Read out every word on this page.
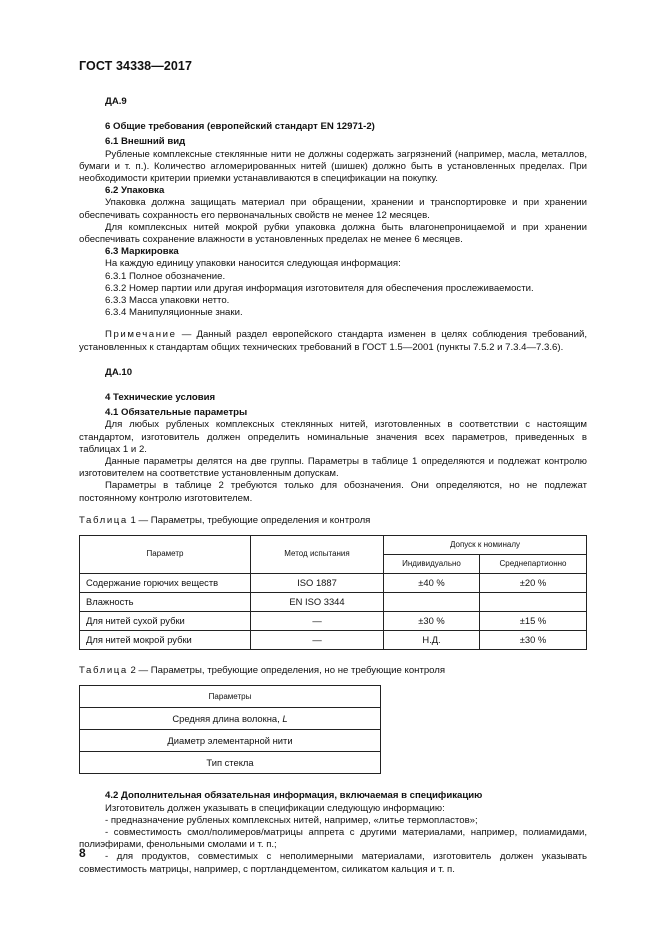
ГОСТ 34338—2017

ДА.9

6 Общие требования (европейский стандарт EN 12971-2)

6.1 Внешний вид

Рубленые комплексные стеклянные нити не должны содержать загрязнений (например, масла, металлов, бумаги и т. п.). Количество агломерированных нитей (шишек) должно быть в установленных пределах. При необходимости критерии приемки устанавливаются в спецификации на покупку.

6.2 Упаковка

Упаковка должна защищать материал при обращении, хранении и транспортировке и при хранении обеспечивать сохранность его первоначальных свойств не менее 12 месяцев.

Для комплексных нитей мокрой рубки упаковка должна быть влагонепроницаемой и при хранении обеспечивать сохранение влажности в установленных пределах не менее 6 месяцев.

6.3 Маркировка

На каждую единицу упаковки наносится следующая информация:

6.3.1 Полное обозначение.

6.3.2 Номер партии или другая информация изготовителя для обеспечения прослеживаемости.

6.3.3 Масса упаковки нетто.

6.3.4 Манипуляционные знаки.

Примечание — Данный раздел европейского стандарта изменен в целях соблюдения требований, установленных к стандартам общих технических требований в ГОСТ 1.5—2001 (пункты 7.5.2 и 7.3.4—7.3.6).

ДА.10

4 Технические условия

4.1 Обязательные параметры

Для любых рубленых комплексных стеклянных нитей, изготовленных в соответствии с настоящим стандартом, изготовитель должен определить номинальные значения всех параметров, приведенных в таблицах 1 и 2.

Данные параметры делятся на две группы. Параметры в таблице 1 определяются и подлежат контролю изготовителем на соответствие установленным допускам.

Параметры в таблице 2 требуются только для обозначения. Они определяются, но не подлежат постоянному контролю изготовителем.

Таблица 1 — Параметры, требующие определения и контроля

Параметр	Метод испытания	Допуск к номиналу	
		Индивидуально	Среднепартионно
Содержание горючих веществ	ISO 1887	±40 %	±20 %
Влажность	EN ISO 3344		
Для нитей сухой рубки	—	±30 %	±15 %
Для нитей мокрой рубки	—	Н.Д.	±30 %

Таблица 2 — Параметры, требующие определения, но не требующие контроля

Параметры
Средняя длина волокна, L
Диаметр элементарной нити
Тип стекла

4.2 Дополнительная обязательная информация, включаемая в спецификацию

Изготовитель должен указывать в спецификации следующую информацию:

- предназначение рубленых комплексных нитей, например, «литье термопластов»;

- совместимость смол/полимеров/матрицы аппрета с другими материалами, например, полиамидами, полиэфирами, фенольными смолами и т. п.;

- для продуктов, совместимых с неполимерными материалами, изготовитель должен указывать совместимость матрицы, например, с портландцементом, силикатом кальция и т. п.

8
